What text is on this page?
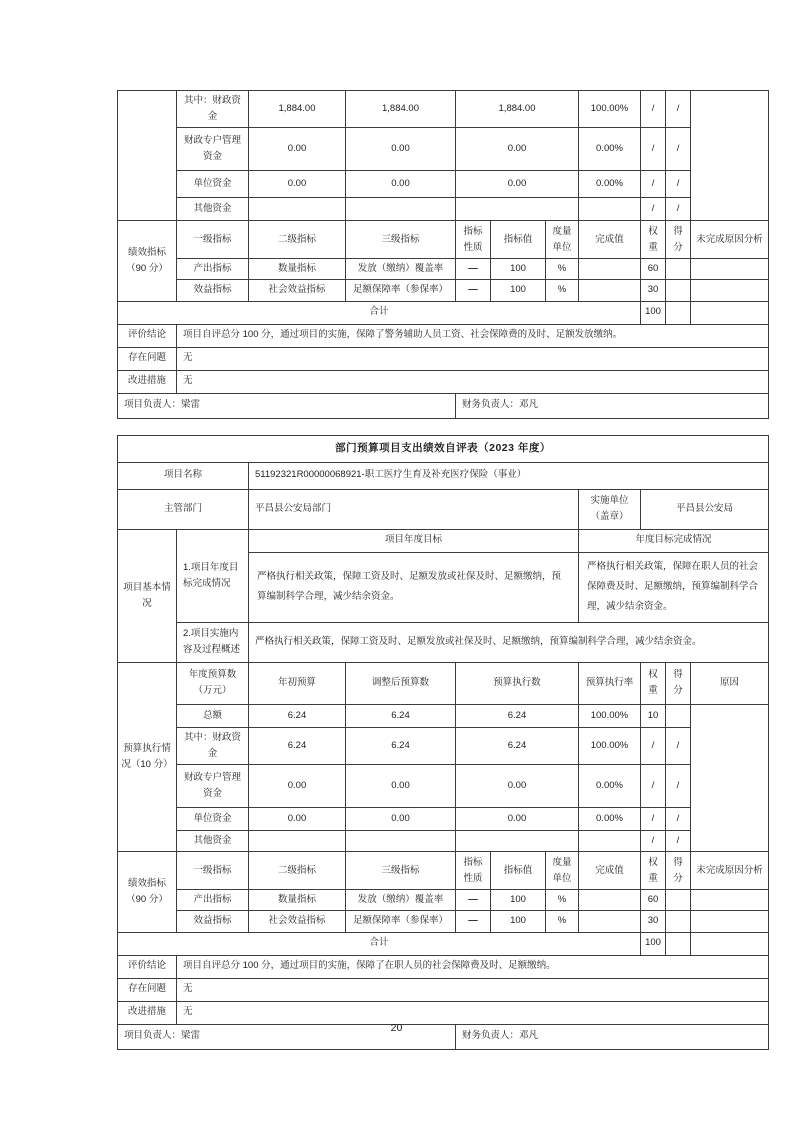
	其中：财政资金	1,884.00	1,884.00	1,884.00			100.00%	/	/	
	财政专户管理资金	0.00	0.00	0.00			0.00%	/	/	
	单位资金	0.00	0.00	0.00			0.00%	/	/	
	其他资金							/	/	
绩效指标（90 分）	一级指标	二级指标	三级指标	指标性质	指标值	度量单位	完成值	权重	得分	未完成原因分析
	产出指标	数量指标	发放（缴纳）覆盖率	—	100	%		60		
	效益指标	社会效益指标	足额保障率（参保率）	—	100	%		30		
合计								100		
评价结论	项目自评总分 100 分，通过项目的实施，保障了警务辅助人员工资、社会保障费的及时、足额发放缴纳。									
存在问题	无									
改进措施	无									
项目负责人：梁雷				财务负责人：邓凡						
部门预算项目支出绩效自评表（2023 年度）										
项目名称		51192321R00000068921-职工医疗生育及补充医疗保险（事业）								
主管部门		平昌县公安局部门					实施单位（盖章）	平昌县公安局		
项目基本情况	1.项目年度目标完成情况	项目年度目标					年度目标完成情况			
		严格执行相关政策，保障工资及时、足额发放或社保及时、足额缴纳，预算编制科学合理，减少结余资金。					严格执行相关政策，保障在职人员的社会保障费及时、足额缴纳，预算编制科学合理，减少结余资金。			
	2.项目实施内容及过程概述	严格执行相关政策，保障工资及时、足额发放或社保及时、足额缴纳，预算编制科学合理，减少结余资金。								
预算执行情况（10 分）	年度预算数（万元）	年初预算	调整后预算数	预算执行数			预算执行率	权重	得分	原因
	总额	6.24	6.24	6.24			100.00%	10		
	其中：财政资金	6.24	6.24	6.24			100.00%	/	/	
	财政专户管理资金	0.00	0.00	0.00			0.00%	/	/	
	单位资金	0.00	0.00	0.00			0.00%	/	/	
	其他资金							/	/	
绩效指标（90 分）	一级指标	二级指标	三级指标	指标性质	指标值	度量单位	完成值	权重	得分	未完成原因分析
	产出指标	数量指标	发放（缴纳）覆盖率	—	100	%		60		
	效益指标	社会效益指标	足额保障率（参保率）	—	100	%		30		
合计								100		
评价结论	项目自评总分 100 分，通过项目的实施，保障了在职人员的社会保障费及时、足额缴纳。									
存在问题	无									
改进措施	无									
项目负责人：梁雷				财务负责人：邓凡						
20
